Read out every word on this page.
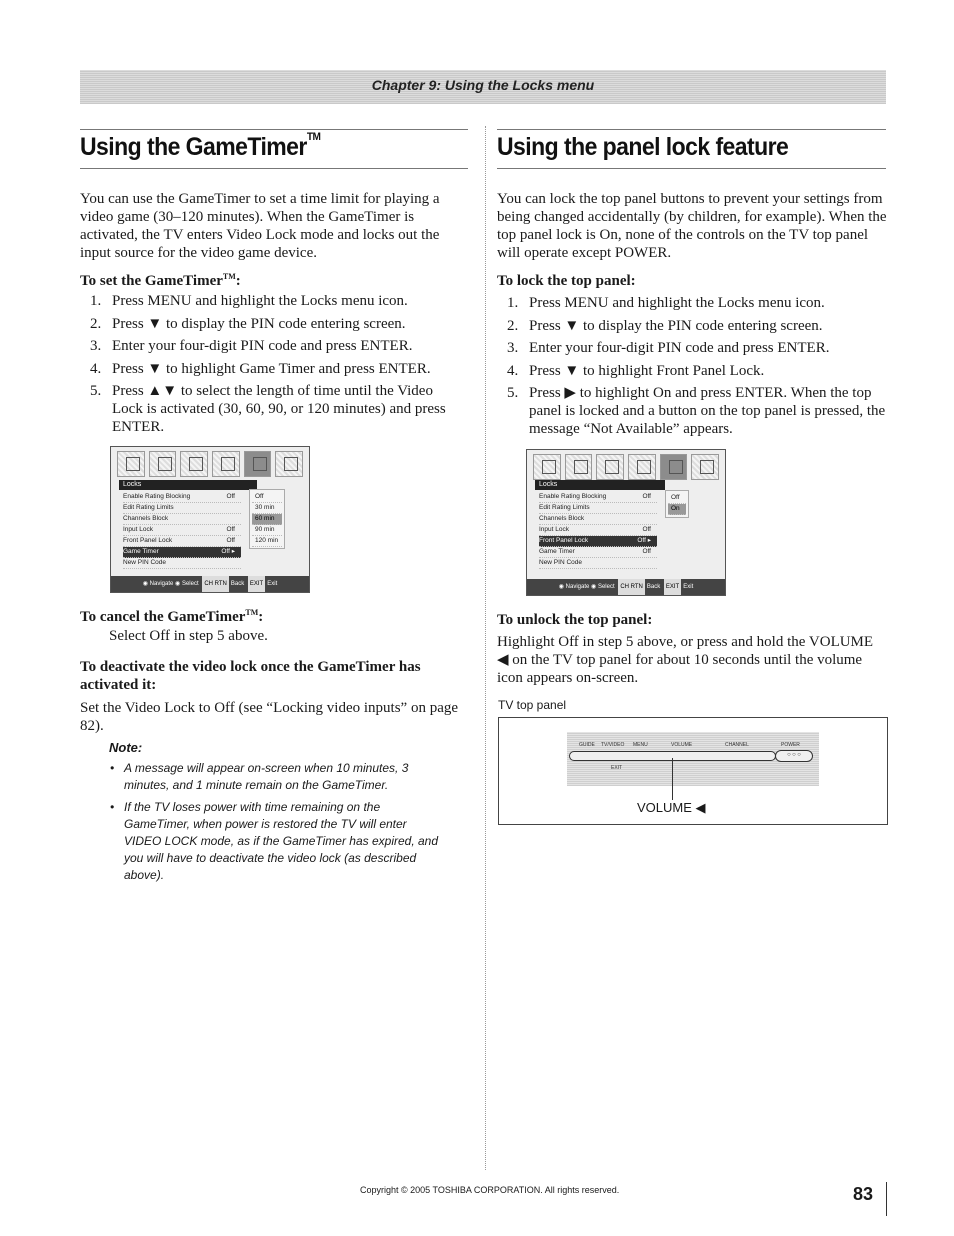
Chapter 9: Using the Locks menu
Using the GameTimer™

You can use the GameTimer to set a time limit for playing a video game (30–120 minutes). When the GameTimer is activated, the TV enters Video Lock mode and locks out the input source for the video game device.

To set the GameTimer™:

1. Press MENU and highlight the Locks menu icon.
2. Press ▼ to display the PIN code entering screen.
3. Enter your four-digit PIN code and press ENTER.
4. Press ▼ to highlight Game Timer and press ENTER.
5. Press ▲▼ to select the length of time until the Video Lock is activated (30, 60, 90, or 120 minutes) and press ENTER.
Locks
Enable Rating Blocking	Off
Edit Rating Limits
Channels Block
Input Lock	Off
Front Panel Lock	Off
Game Timer	Off ▸
New PIN Code
Off
30 min
60 min
90 min
120 min
◉ Navigate ◉ Select CH RTN Back EXIT Exit

To cancel the GameTimer™:

Select Off in step 5 above.

To deactivate the video lock once the GameTimer has activated it:

Set the Video Lock to Off (see “Locking video inputs” on page 82).

Note:
• A message will appear on-screen when 10 minutes, 3 minutes, and 1 minute remain on the GameTimer.
• If the TV loses power with time remaining on the GameTimer, when power is restored the TV will enter VIDEO LOCK mode, as if the GameTimer has expired, and you will have to deactivate the video lock (as described above).
Using the panel lock feature

You can lock the top panel buttons to prevent your settings from being changed accidentally (by children, for example). When the top panel lock is On, none of the controls on the TV top panel will operate except POWER.

To lock the top panel:

1. Press MENU and highlight the Locks menu icon.
2. Press ▼ to display the PIN code entering screen.
3. Enter your four-digit PIN code and press ENTER.
4. Press ▼ to highlight Front Panel Lock.
5. Press ▶ to highlight On and press ENTER. When the top panel is locked and a button on the top panel is pressed, the message “Not Available” appears.
Locks
Enable Rating Blocking	Off
Edit Rating Limits
Channels Block
Input Lock	Off
Front Panel Lock	Off ▸
Game Timer	Off
New PIN Code
Off
On
◉ Navigate ◉ Select CH RTN Back EXIT Exit

To unlock the top panel:

Highlight Off in step 5 above, or press and hold the VOLUME ◀ on the TV top panel for about 10 seconds until the volume icon appears on-screen.

TV top panel
GUIDE TV/VIDEO MENU	VOLUME	CHANNEL	POWER
○ ○ ○
EXIT
VOLUME ◀
Copyright © 2005 TOSHIBA CORPORATION. All rights reserved.	83
